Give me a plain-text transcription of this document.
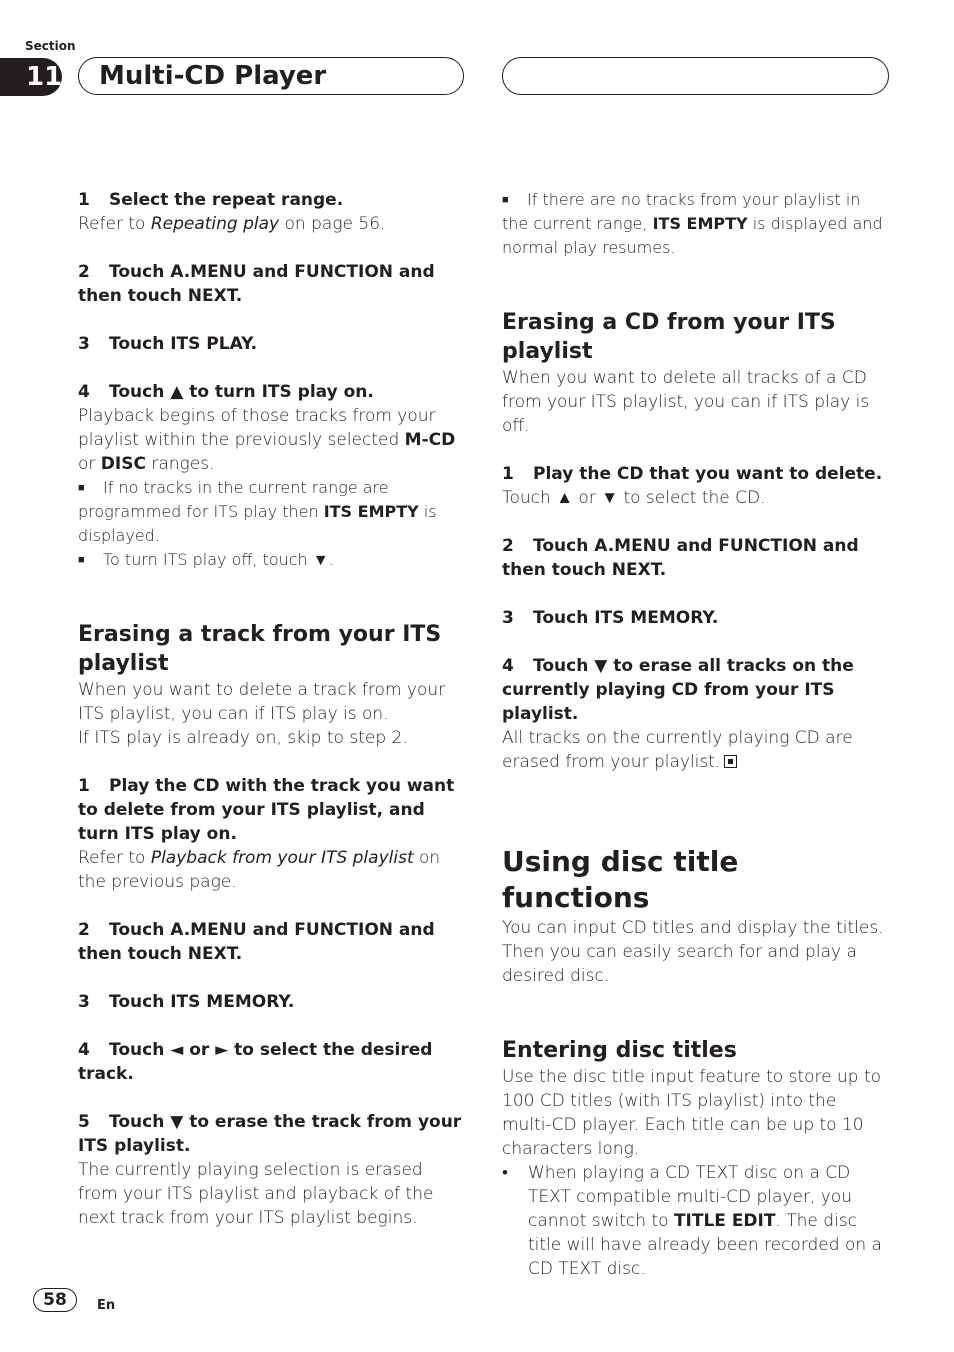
Section
11 Multi-CD Player

1 Select the repeat range.

Refer to Repeating play on page 56.

2 Touch A.MENU and FUNCTION and then touch NEXT.

3 Touch ITS PLAY.

4 Touch ▲ to turn ITS play on.

Playback begins of those tracks from your playlist within the previously selected M-CD or DISC ranges.

■ If no tracks in the current range are programmed for ITS play then ITS EMPTY is displayed.

■ To turn ITS play off, touch ▼.

Erasing a track from your ITS playlist

When you want to delete a track from your ITS playlist, you can if ITS play is on.

If ITS play is already on, skip to step 2.

1 Play the CD with the track you want to delete from your ITS playlist, and turn ITS play on.

Refer to Playback from your ITS playlist on the previous page.

2 Touch A.MENU and FUNCTION and then touch NEXT.

3 Touch ITS MEMORY.

4 Touch ◄ or ► to select the desired track.

5 Touch ▼ to erase the track from your ITS playlist.

The currently playing selection is erased from your ITS playlist and playback of the next track from your ITS playlist begins.

■ If there are no tracks from your playlist in the current range, ITS EMPTY is displayed and normal play resumes.

Erasing a CD from your ITS playlist

When you want to delete all tracks of a CD from your ITS playlist, you can if ITS play is off.

1 Play the CD that you want to delete.

Touch ▲ or ▼ to select the CD.

2 Touch A.MENU and FUNCTION and then touch NEXT.

3 Touch ITS MEMORY.

4 Touch ▼ to erase all tracks on the currently playing CD from your ITS playlist.

All tracks on the currently playing CD are erased from your playlist.

Using disc title functions

You can input CD titles and display the titles. Then you can easily search for and play a desired disc.

Entering disc titles

Use the disc title input feature to store up to 100 CD titles (with ITS playlist) into the multi-CD player. Each title can be up to 10 characters long.

• When playing a CD TEXT disc on a CD TEXT compatible multi-CD player, you cannot switch to TITLE EDIT. The disc title will have already been recorded on a CD TEXT disc.

58	En
